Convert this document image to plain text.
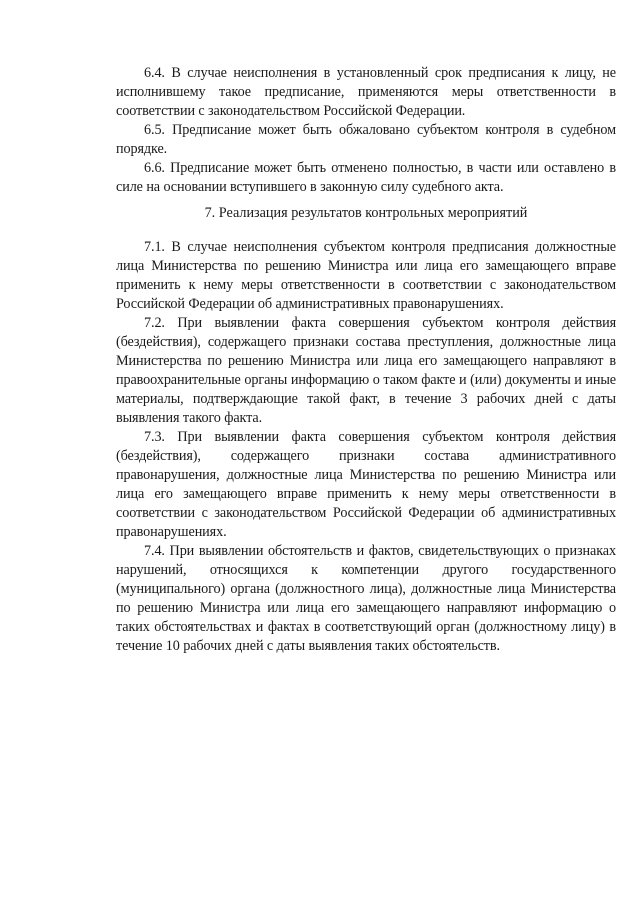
6.4. В случае неисполнения в установленный срок предписания к лицу, не исполнившему такое предписание, применяются меры ответственности в соответствии с законодательством Российской Федерации.

6.5. Предписание может быть обжаловано субъектом контроля в судебном порядке.

6.6. Предписание может быть отменено полностью, в части или оставлено в силе на основании вступившего в законную силу судебного акта.

7. Реализация результатов контрольных мероприятий

7.1. В случае неисполнения субъектом контроля предписания должностные лица Министерства по решению Министра или лица его замещающего вправе применить к нему меры ответственности в соответствии с законодательством Российской Федерации об административных правонарушениях.

7.2. При выявлении факта совершения субъектом контроля действия (бездействия), содержащего признаки состава преступления, должностные лица Министерства по решению Министра или лица его замещающего направляют в правоохранительные органы информацию о таком факте и (или) документы и иные материалы, подтверждающие такой факт, в течение 3 рабочих дней с даты выявления такого факта.

7.3. При выявлении факта совершения субъектом контроля действия (бездействия), содержащего признаки состава административного правонарушения, должностные лица Министерства по решению Министра или лица его замещающего вправе применить к нему меры ответственности в соответствии с законодательством Российской Федерации об административных правонарушениях.

7.4. При выявлении обстоятельств и фактов, свидетельствующих о признаках нарушений, относящихся к компетенции другого государственного (муниципального) органа (должностного лица), должностные лица Министерства по решению Министра или лица его замещающего направляют информацию о таких обстоятельствах и фактах в соответствующий орган (должностному лицу) в течение 10 рабочих дней с даты выявления таких обстоятельств.
